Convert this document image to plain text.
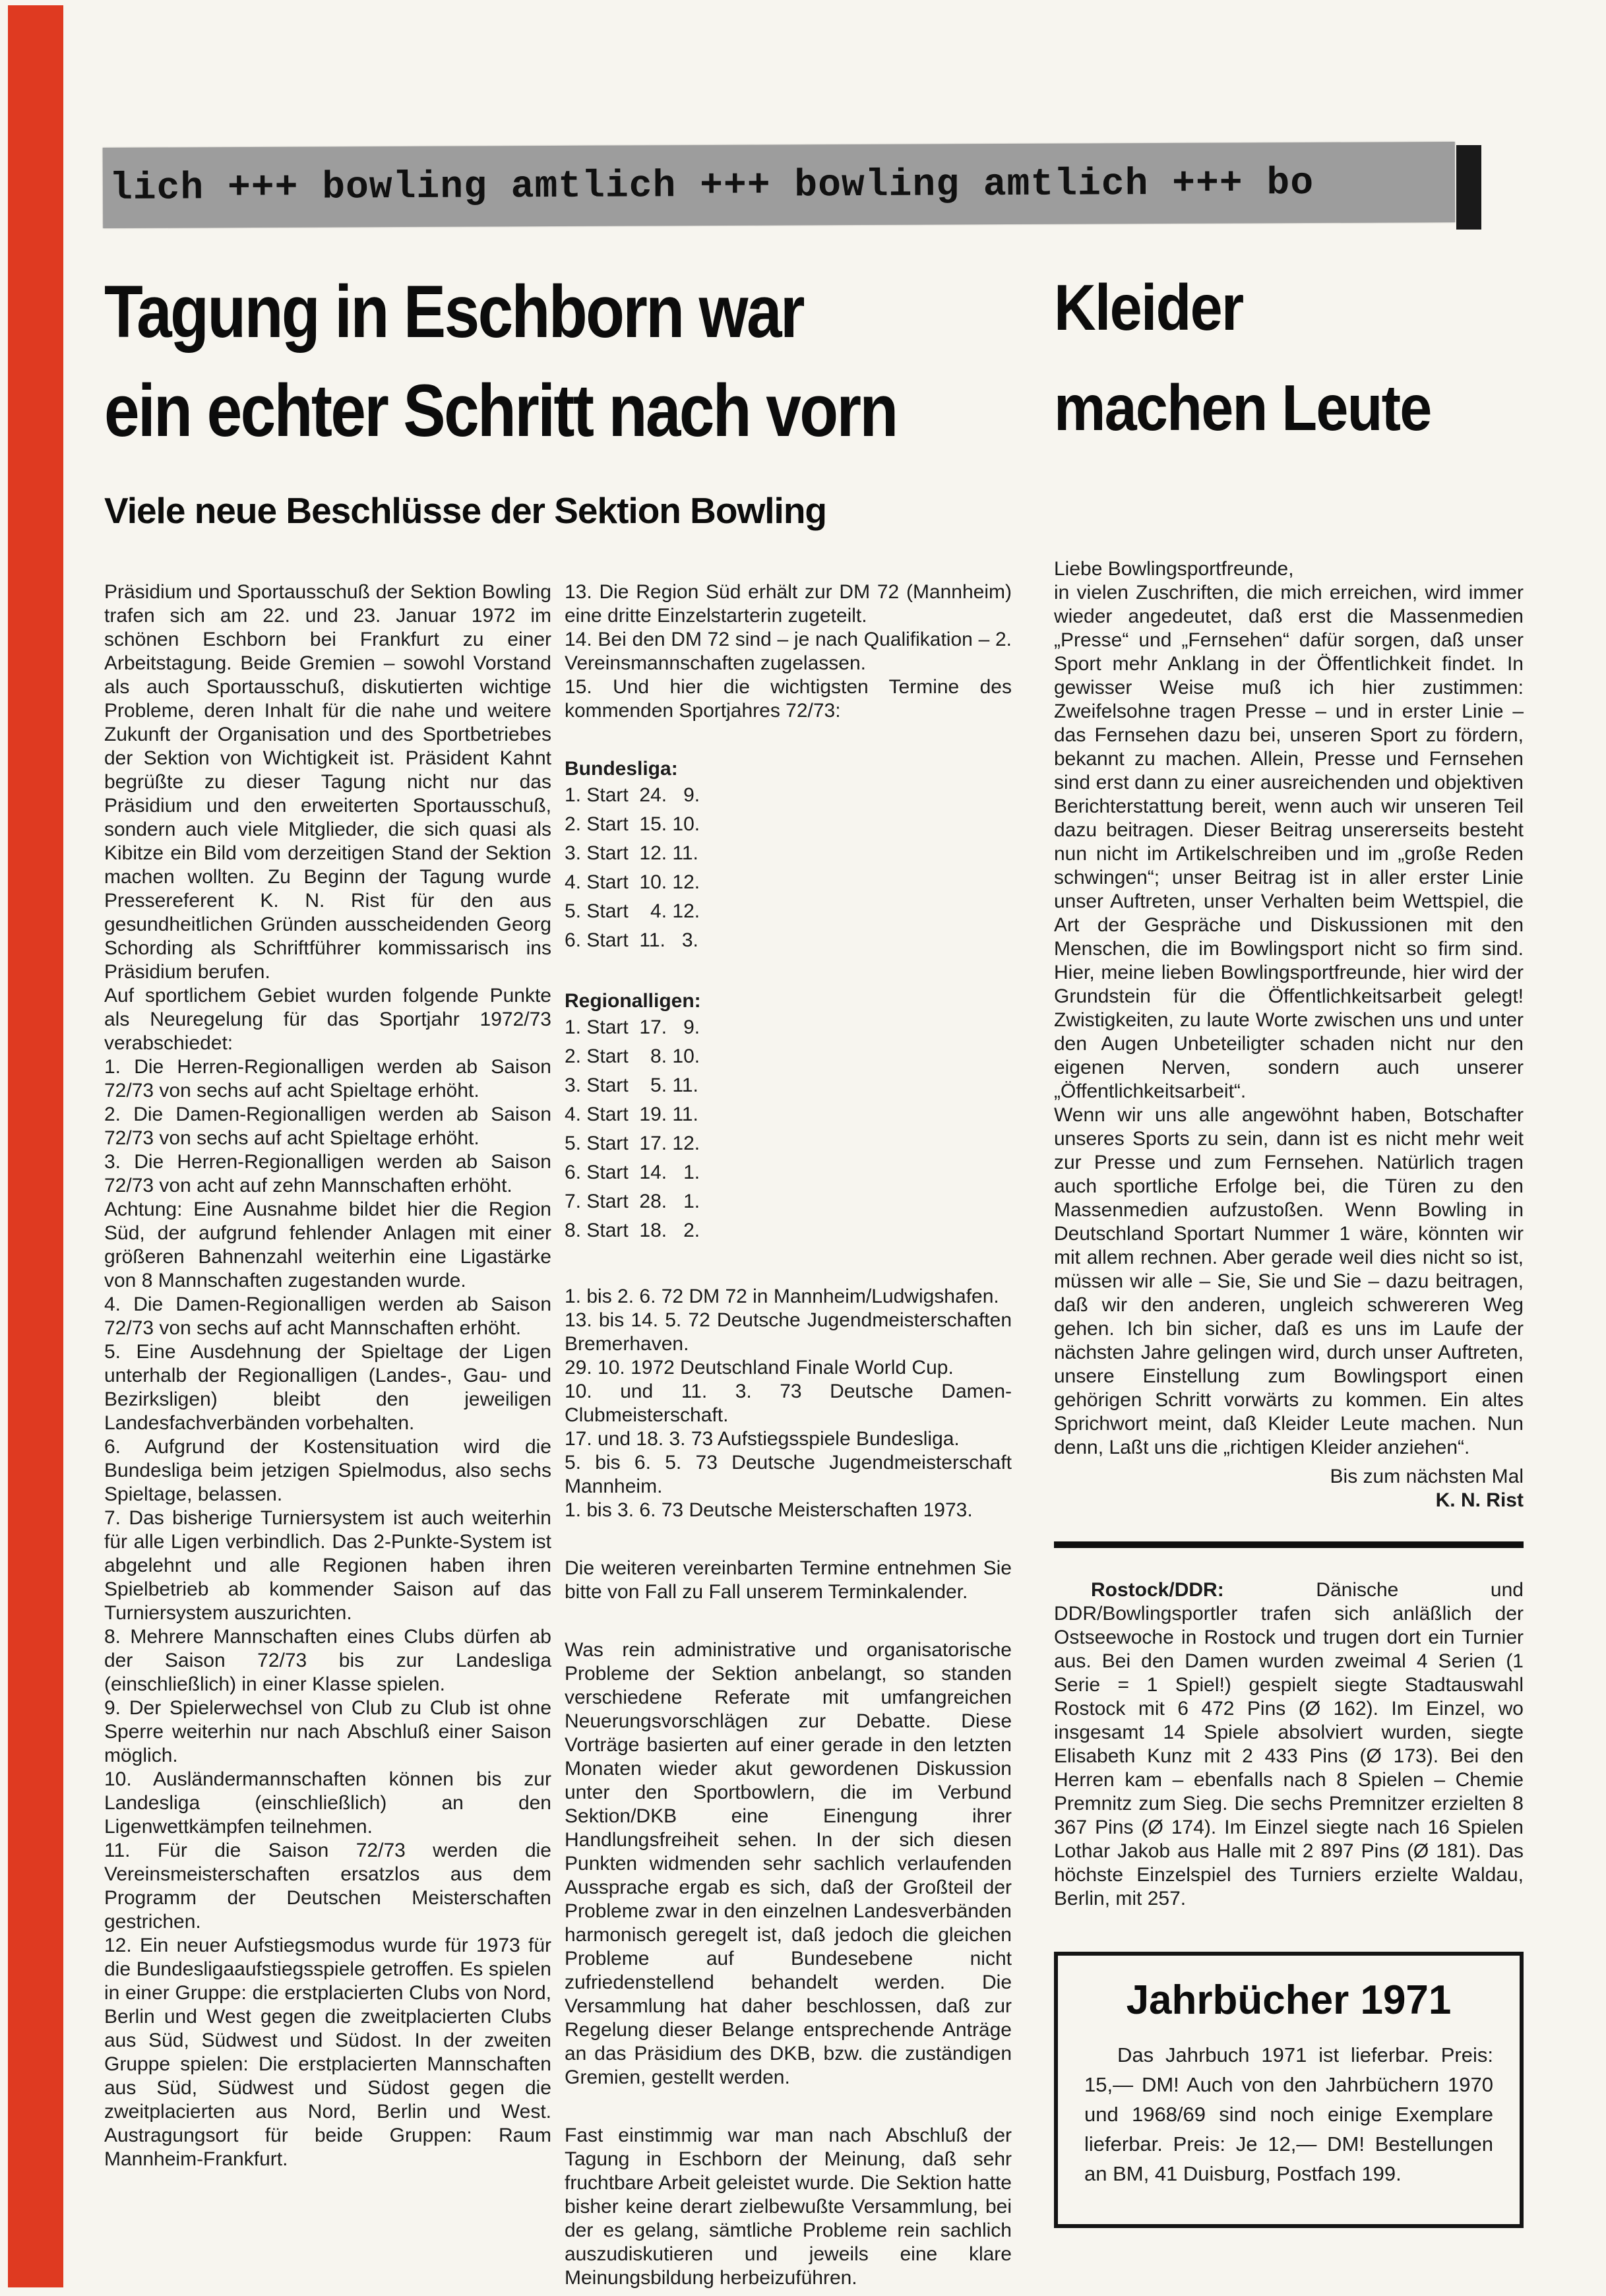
lich +++ bowling amtlich +++ bowling amtlich +++ bo
Tagung in Eschborn war
ein echter Schritt nach vorn
Viele neue Beschlüsse der Sektion Bowling
Kleider
machen Leute

Präsidium und Sportausschuß der Sektion Bowling trafen sich am 22. und 23. Januar 1972 im schönen Eschborn bei Frankfurt zu einer Arbeitstagung. Beide Gremien – sowohl Vorstand als auch Sportausschuß, diskutierten wichtige Probleme, deren Inhalt für die nahe und weitere Zukunft der Organisation und des Sportbetriebes der Sektion von Wichtigkeit ist. Präsident Kahnt begrüßte zu dieser Tagung nicht nur das Präsidium und den erweiterten Sportausschuß, sondern auch viele Mitglieder, die sich quasi als Kibitze ein Bild vom derzeitigen Stand der Sektion machen wollten. Zu Beginn der Tagung wurde Pressereferent K. N. Rist für den aus gesundheitlichen Gründen ausscheidenden Georg Schording als Schriftführer kommissarisch ins Präsidium berufen.

Auf sportlichem Gebiet wurden folgende Punkte als Neuregelung für das Sportjahr 1972/73 verabschiedet:

1. Die Herren-Regionalligen werden ab Saison 72/73 von sechs auf acht Spieltage erhöht.

2. Die Damen-Regionalligen werden ab Saison 72/73 von sechs auf acht Spieltage erhöht.

3. Die Herren-Regionalligen werden ab Saison 72/73 von acht auf zehn Mannschaften erhöht.

Achtung: Eine Ausnahme bildet hier die Region Süd, der aufgrund fehlender Anlagen mit einer größeren Bahnenzahl weiterhin eine Ligastärke von 8 Mannschaften zugestanden wurde.

4. Die Damen-Regionalligen werden ab Saison 72/73 von sechs auf acht Mannschaften erhöht.

5. Eine Ausdehnung der Spieltage der Ligen unterhalb der Regionalligen (Landes-, Gau- und Bezirksligen) bleibt den jeweiligen Landesfachverbänden vorbehalten.

6. Aufgrund der Kostensituation wird die Bundesliga beim jetzigen Spielmodus, also sechs Spieltage, belassen.

7. Das bisherige Turniersystem ist auch weiterhin für alle Ligen verbindlich. Das 2-Punkte-System ist abgelehnt und alle Regionen haben ihren Spielbetrieb ab kommender Saison auf das Turniersystem auszurichten.

8. Mehrere Mannschaften eines Clubs dürfen ab der Saison 72/73 bis zur Landesliga (einschließlich) in einer Klasse spielen.

9. Der Spielerwechsel von Club zu Club ist ohne Sperre weiterhin nur nach Abschluß einer Saison möglich.

10. Ausländermannschaften können bis zur Landesliga (einschließlich) an den Ligenwettkämpfen teilnehmen.

11. Für die Saison 72/73 werden die Vereinsmeisterschaften ersatzlos aus dem Programm der Deutschen Meisterschaften gestrichen.

12. Ein neuer Aufstiegsmodus wurde für 1973 für die Bundesligaaufstiegsspiele getroffen. Es spielen in einer Gruppe: die erstplacierten Clubs von Nord, Berlin und West gegen die zweitplacierten Clubs aus Süd, Südwest und Südost. In der zweiten Gruppe spielen: Die erstplacierten Mannschaften aus Süd, Südwest und Südost gegen die zweitplacierten aus Nord, Berlin und West. Austragungsort für beide Gruppen: Raum Mannheim-Frankfurt.

13. Die Region Süd erhält zur DM 72 (Mannheim) eine dritte Einzelstarterin zugeteilt.

14. Bei den DM 72 sind – je nach Qualifikation – 2. Vereinsmannschaften zugelassen.

15. Und hier die wichtigsten Termine des kommenden Sportjahres 72/73:

Bundesliga:

1. Start  24.   9.
2. Start  15. 10.
3. Start  12. 11.
4. Start  10. 12.
5. Start    4. 12.
6. Start  11.   3.

Regionalligen:

1. Start  17.   9.
2. Start    8. 10.
3. Start    5. 11.
4. Start  19. 11.
5. Start  17. 12.
6. Start  14.   1.
7. Start  28.   1.
8. Start  18.   2.

1. bis 2. 6. 72 DM 72 in Mannheim/Ludwigshafen.

13. bis 14. 5. 72 Deutsche Jugendmeisterschaften Bremerhaven.

29. 10. 1972 Deutschland Finale World Cup.

10. und 11. 3. 73 Deutsche Damen-Clubmeisterschaft.

17. und 18. 3. 73 Aufstiegsspiele Bundesliga.

5. bis 6. 5. 73 Deutsche Jugendmeisterschaft Mannheim.

1. bis 3. 6. 73 Deutsche Meisterschaften 1973.

Die weiteren vereinbarten Termine entnehmen Sie bitte von Fall zu Fall unserem Terminkalender.

Was rein administrative und organisatorische Probleme der Sektion anbelangt, so standen verschiedene Referate mit umfangreichen Neuerungsvorschlägen zur Debatte. Diese Vorträge basierten auf einer gerade in den letzten Monaten wieder akut gewordenen Diskussion unter den Sportbowlern, die im Verbund Sektion/DKB eine Einengung ihrer Handlungsfreiheit sehen. In der sich diesen Punkten widmenden sehr sachlich verlaufenden Aussprache ergab es sich, daß der Großteil der Probleme zwar in den einzelnen Landesverbänden harmonisch geregelt ist, daß jedoch die gleichen Probleme auf Bundesebene nicht zufriedenstellend behandelt werden. Die Versammlung hat daher beschlossen, daß zur Regelung dieser Belange entsprechende Anträge an das Präsidium des DKB, bzw. die zuständigen Gremien, gestellt werden.

Fast einstimmig war man nach Abschluß der Tagung in Eschborn der Meinung, daß sehr fruchtbare Arbeit geleistet wurde. Die Sektion hatte bisher keine derart zielbewußte Versammlung, bei der es gelang, sämtliche Probleme rein sachlich auszudiskutieren und jeweils eine klare Meinungsbildung herbeizuführen.

Liebe Bowlingsportfreunde,

in vielen Zuschriften, die mich erreichen, wird immer wieder angedeutet, daß erst die Massenmedien „Presse“ und „Fernsehen“ dafür sorgen, daß unser Sport mehr Anklang in der Öffentlichkeit findet. In gewisser Weise muß ich hier zustimmen: Zweifelsohne tragen Presse – und in erster Linie – das Fernsehen dazu bei, unseren Sport zu fördern, bekannt zu machen. Allein, Presse und Fernsehen sind erst dann zu einer ausreichenden und objektiven Berichterstattung bereit, wenn auch wir unseren Teil dazu beitragen. Dieser Beitrag unsererseits besteht nun nicht im Artikelschreiben und im „große Reden schwingen“; unser Beitrag ist in aller erster Linie unser Auftreten, unser Verhalten beim Wettspiel, die Art der Gespräche und Diskussionen mit den Menschen, die im Bowlingsport nicht so firm sind. Hier, meine lieben Bowlingsportfreunde, hier wird der Grundstein für die Öffentlichkeitsarbeit gelegt! Zwistigkeiten, zu laute Worte zwischen uns und unter den Augen Unbeteiligter schaden nicht nur den eigenen Nerven, sondern auch unserer „Öffentlichkeitsarbeit“.

Wenn wir uns alle angewöhnt haben, Botschafter unseres Sports zu sein, dann ist es nicht mehr weit zur Presse und zum Fernsehen. Natürlich tragen auch sportliche Erfolge bei, die Türen zu den Massenmedien aufzustoßen. Wenn Bowling in Deutschland Sportart Nummer 1 wäre, könnten wir mit allem rechnen. Aber gerade weil dies nicht so ist, müssen wir alle – Sie, Sie und Sie – dazu beitragen, daß wir den anderen, ungleich schwereren Weg gehen. Ich bin sicher, daß es uns im Laufe der nächsten Jahre gelingen wird, durch unser Auftreten, unsere Einstellung zum Bowlingsport einen gehörigen Schritt vorwärts zu kommen. Ein altes Sprichwort meint, daß Kleider Leute machen. Nun denn, Laßt uns die „richtigen Kleider anziehen“.

Bis zum nächsten Mal

K. N. Rist

Rostock/DDR:	Dänische und DDR/Bowlingsportler trafen sich anläßlich der Ostseewoche in Rostock und trugen dort ein Turnier aus. Bei den Damen wurden zweimal 4 Serien (1 Serie = 1 Spiel!) gespielt siegte Stadtauswahl Rostock mit 6 472 Pins (Ø 162). Im Einzel, wo insgesamt 14 Spiele absolviert wurden, siegte Elisabeth Kunz mit 2 433 Pins (Ø 173). Bei den Herren kam – ebenfalls nach 8 Spielen – Chemie Premnitz zum Sieg. Die sechs Premnitzer erzielten 8 367 Pins (Ø 174). Im Einzel siegte nach 16 Spielen Lothar Jakob aus Halle mit 2 897 Pins (Ø 181). Das höchste Einzelspiel des Turniers erzielte Waldau, Berlin, mit 257.

Jahrbücher 1971

Das Jahrbuch 1971 ist lieferbar. Preis: 15,— DM! Auch von den Jahrbüchern 1970 und 1968/69 sind noch einige Exemplare lieferbar. Preis: Je 12,— DM! Bestellungen an BM, 41 Duisburg, Postfach 199.
